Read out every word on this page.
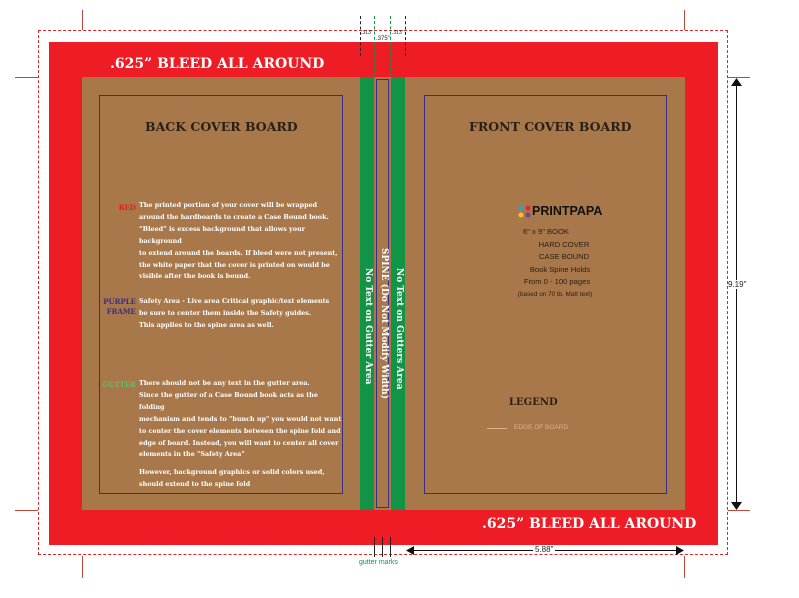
.625” BLEED ALL AROUND
.625” BLEED ALL AROUND
No Text on Gutter Area SPINE (Do Not Modify Width) No Text on Gutters Area
BACK COVER BOARD
RED The printed portion of your cover will be wrapped
around the hardboards to create a Case Bound book.
“Bleed” is excess background that allows your background
to extend around the boards. If bleed were not present,
the white paper that the cover is printed on would be
visible after the book is bound.
PURPLE FRAME
Safety Area - Live area Critical graphic/text elements
be sure to center them inside the Safety guides.
This applies to the spine area as well.
GUTTER There should not be any text in the gutter area.
Since the gutter of a Case Bound book acts as the folding
mechanism and tends to "bunch up" you would not want
to center the cover elements between the spine fold and
edge of board. Instead, you will want to center all cover
elements in the "Safety Area"
However, background graphics or solid colors used,
should extend to the spine fold
FRONT COVER BOARD
PRINTPAPA
6" x 9" BOOK
HARD COVER
CASE BOUND
Book Spine Holds
From 0 - 100 pages
(based on 70 lb. Matt text)
LEGEND
EDGE OF BOARD
.313"
.375"
.313"
gutter marks
9.19"
5.88"
